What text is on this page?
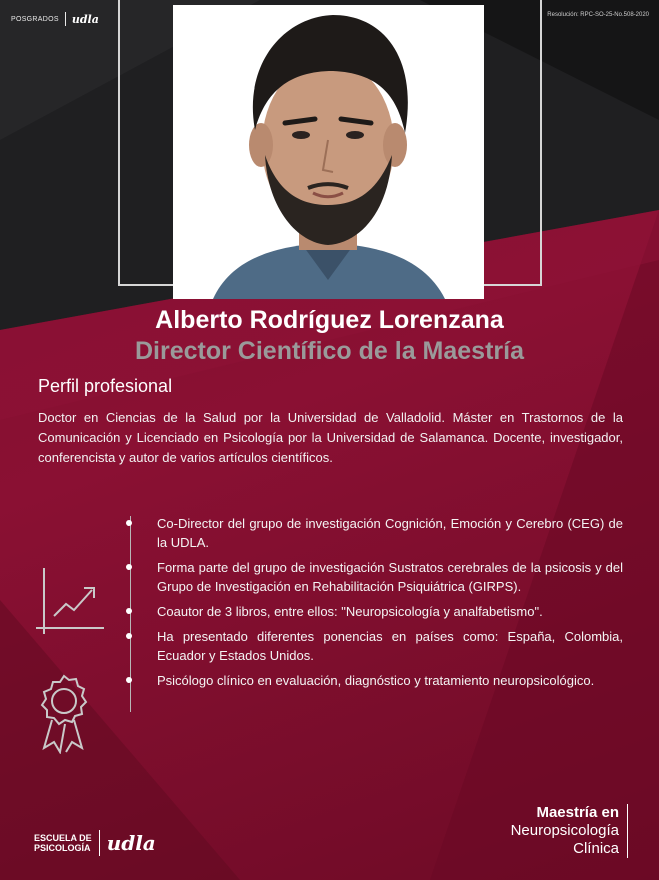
POSGRADOS udla	Resolución: RPC-SO-25-No.508-2020
Alberto Rodríguez Lorenzana
Director Científico de la Maestría
Perfil profesional

Doctor en Ciencias de la Salud por la Universidad de Valladolid. Máster en Trastornos de la Comunicación y Licenciado en Psicología por la Universidad de Salamanca. Docente, investigador, conferencista y autor de varios artículos científicos.

Co-Director del grupo de investigación Cognición, Emoción y Cerebro (CEG) de la UDLA.
Forma parte del grupo de investigación Sustratos cerebrales de la psicosis y del Grupo de Investigación en Rehabilitación Psiquiátrica (GIRPS).
Coautor de 3 libros, entre ellos: "Neuropsicología y analfabetismo".
Ha presentado diferentes ponencias en países como: España, Colombia, Ecuador y Estados Unidos.
Psicólogo clínico en evaluación, diagnóstico y tratamiento neuropsicológico.
ESCUELA DE
PSICOLOGÍA udla
Maestría en
Neuropsicología
Clínica
